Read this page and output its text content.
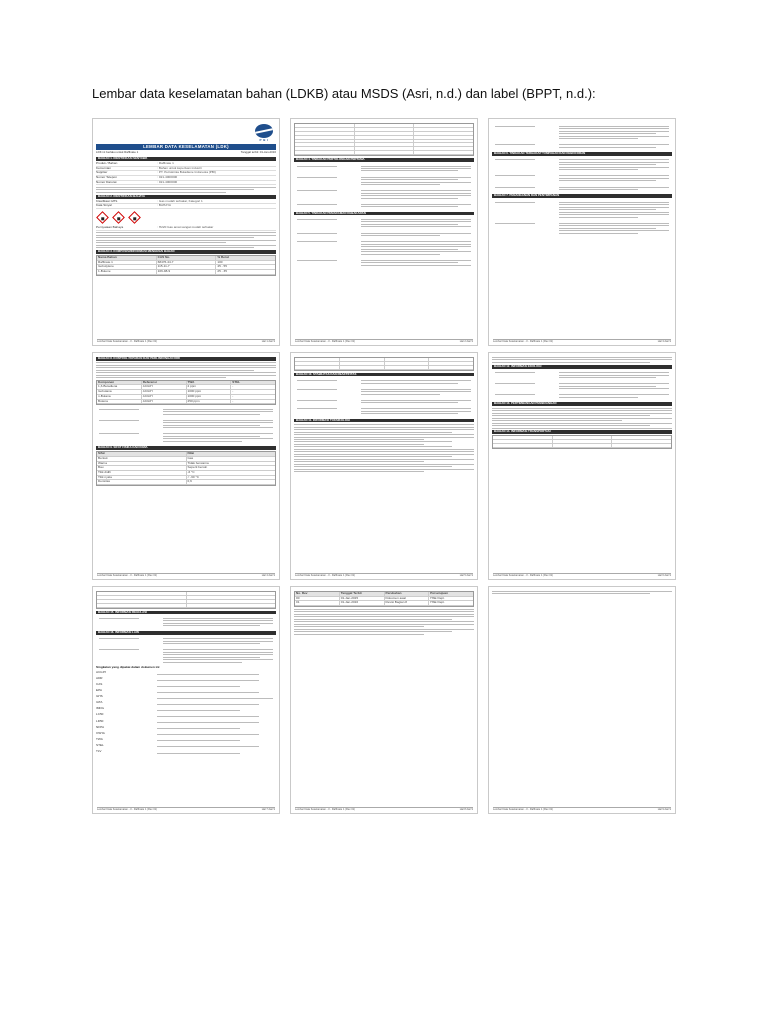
Lembar data keselamatan bahan (LDKB) atau MSDS (Asri, n.d.) dan label (BPPT, n.d.):
P B I
LEMBAR DATA KESELAMATAN (LDK)
LDK ini berlaku untuk Raffinate 1	Tanggal terbit: 01-Jan-2016
BAGIAN 1. IDENTIFIKASI SENYAWA
Produk / Bahan	: Raffinate 1
Kemurnian	: Bahan untuk keperluan industri
Supplier	: PT. Petrokimia Butadiene Indonesia (PBI)
Nomor Telepon	: 021-4000000
Nomor Darurat	: 021-4000000
BAGIAN 2. IDENTIFIKASI BAHAYA
Klasifikasi GHS	: Gas mudah terbakar, Kategori 1
Kata Sinyal	: BAHAYA
Pernyataan Bahaya	: H220 Gas amat sangat mudah terbakar
BAGIAN 3. KOMPOSISI/INFORMASI MENGENAI BAHAN
Nama Bahan	CAS No.	% Berat
Raffinate 1	68476-44-7	100
Isobutylene	115-11-7	45 - 55
1-Butene	106-98-9	25 - 35
Lembar Data Keselamatan - 3 - Raffinate 1 (Rev 01)	Hal 1 dari 9
BAGIAN 4. TINDAKAN PERTOLONGAN PERTAMA
BAGIAN 5. TINDAKAN PEMADAMAN KEBAKARAN
Lembar Data Keselamatan - 3 - Raffinate 1 (Rev 01)	Hal 2 dari 9
BAGIAN 6. TINDAKAN TERHADAP TUMPAHAN DAN KEBOCORAN
BAGIAN 7. PENANGANAN DAN PENYIMPANAN
Lembar Data Keselamatan - 3 - Raffinate 1 (Rev 01)	Hal 3 dari 9
BAGIAN 8. KONTROL PAPARAN DAN PERLINDUNGAN DIRI
Komponen	Referensi	TWA	STEL
1,3-Butadiena	ACGIH	2 ppm	-
Isobutana	ACGIH	1000 ppm	-
n-Butana	ACGIH	1000 ppm	-
Butena	ACGIH	250 ppm	-
BAGIAN 9. SIFAT FISIKA DAN KIMIA
Sifat	Nilai
Bentuk	Gas
Warna	Tidak berwarna
Bau	Seperti bensin
Titik didih	-6 °C
Titik nyala	< -60 °C
Densitas	0,6
Lembar Data Keselamatan - 3 - Raffinate 1 (Rev 01)	Hal 4 dari 9
BAGIAN 10. STABILITAS DAN REAKTIFITAS
BAGIAN 11. INFORMASI TOKSIKOLOGI
Lembar Data Keselamatan - 3 - Raffinate 1 (Rev 01)	Hal 5 dari 9
BAGIAN 12. INFORMASI EKOLOGI
BAGIAN 13. PERTIMBANGAN PEMBUANGAN
BAGIAN 14. INFORMASI TRANSPORTASI
Lembar Data Keselamatan - 3 - Raffinate 1 (Rev 01)	Hal 6 dari 9
BAGIAN 15. INFORMASI REGULASI
BAGIAN 16. INFORMASI LAIN
Singkatan yang dipakai dalam dokumen ini:
ACGIH
ADR
CAS
EPA
GHS
IATA
IMDG
LC50
LD50
NFPA
OSHA
TWA
STEL
TLV
Lembar Data Keselamatan - 3 - Raffinate 1 (Rev 01)	Hal 7 dari 9
No. Rev	Tanggal Terbit	Perubahan	Persetujuan
00	01-Jan-2015	Dokumen awal	HSE Dept.
01	01-Jan-2016	Revisi Bagian 8	HSE Dept.
Lembar Data Keselamatan - 3 - Raffinate 1 (Rev 01)	Hal 8 dari 9	Lembar Data Keselamatan - 3 - Raffinate 1 (Rev 01)	Hal 9 dari 9
